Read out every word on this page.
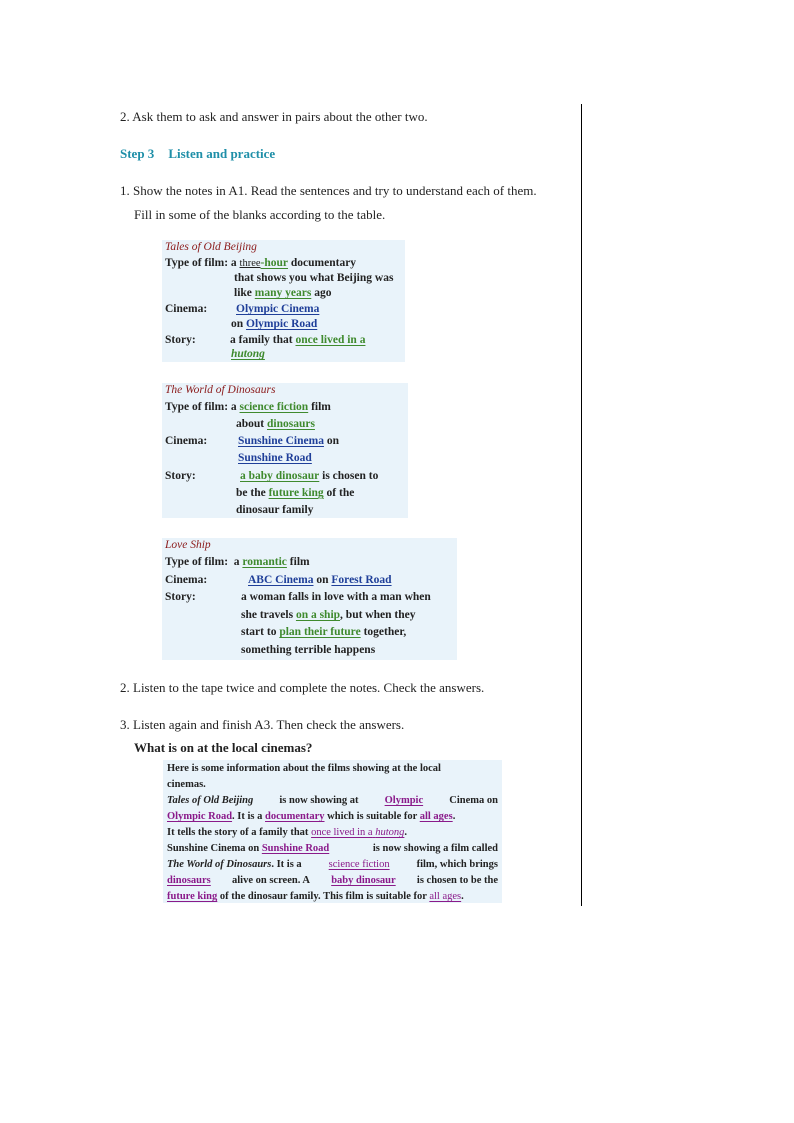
2. Ask them to ask and answer in pairs about the other two.
Step 3 Listen and practice
1. Show the notes in A1. Read the sentences and try to understand each of them.
Fill in some of the blanks according to the table.
Tales of Old Beijing
Type of film: a three-hour documentary
that shows you what Beijing was
like many years ago
Cinema:	Olympic Cinema
on Olympic Road
Story:	a family that once lived in a
hutong
The World of Dinosaurs
Type of film: a science fiction film
about dinosaurs
Cinema:	Sunshine Cinema on
Sunshine Road
Story:	a baby dinosaur is chosen to
be the future king of the
dinosaur family
Love Ship
Type of film: a romantic film
Cinema:	ABC Cinema on Forest Road
Story:	a woman falls in love with a man when
she travels on a ship, but when they
start to plan their future together,
something terrible happens
2. Listen to the tape twice and complete the notes. Check the answers.
3. Listen again and finish A3. Then check the answers.
What is on at the local cinemas?
Here is some information about the films showing at the local
cinemas.
Tales of Old Beijing is now showing at Olympic Cinema on
Olympic Road. It is a documentary which is suitable for all ages.
It tells the story of a family that once lived in a hutong.
Sunshine Cinema on Sunshine Road	is now showing a film called
The World of Dinosaurs. It is a	science fiction	film, which brings
dinosaurs alive on screen. A baby dinosaur is chosen to be the
future king of the dinosaur family. This film is suitable for all ages.
